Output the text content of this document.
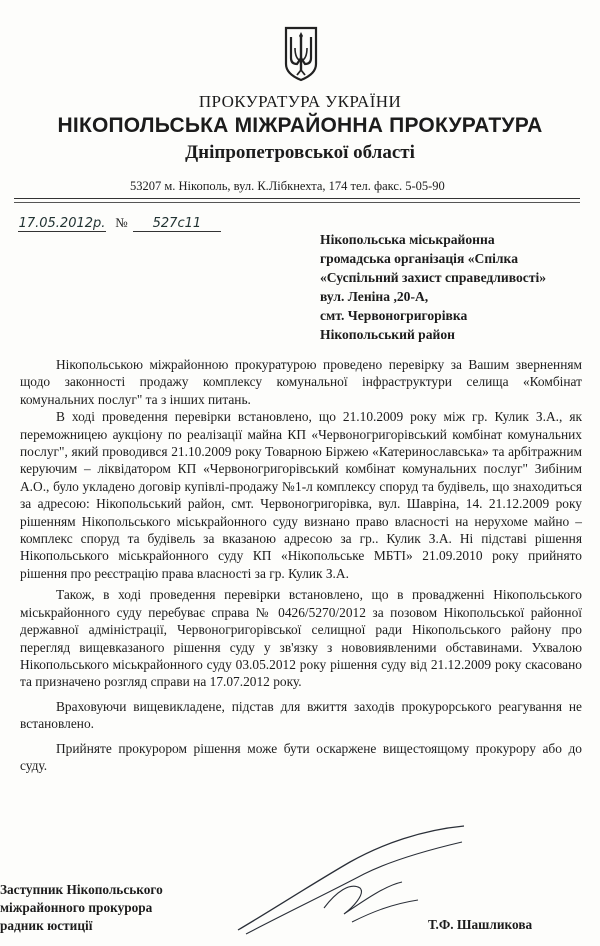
ПРОКУРАТУРА УКРАЇНИ
НІКОПОЛЬСЬКА МІЖРАЙОННА ПРОКУРАТУРА
Дніпропетровської області
53207 м. Нікополь, вул. К.Лібкнехта, 174 тел. факс. 5-05-90
17.05.2012р. № 527с11
Нікопольська міськрайонна
громадська організація «Спілка
«Суспільний захист справедливості»
вул. Леніна ,20-А,
смт. Червоногригорівка
Нікопольський район

Нікопольською міжрайонною прокуратурою проведено перевірку за Вашим зверненням щодо законності продажу комплексу комунальної інфраструктури селища «Комбінат комунальних послуг" та з інших питань.

В ході проведення перевірки встановлено, що 21.10.2009 року між гр. Кулик З.А., як переможницею аукціону по реалізації майна КП «Червоногригорівський комбінат комунальних послуг", який проводився 21.10.2009 року Товарною Біржею «Катеринославська» та арбітражним керуючим – ліквідатором КП «Червоногригорівський комбінат комунальних послуг" Зибіним А.О., було укладено договір купівлі-продажу №1-л комплексу споруд та будівель, що знаходиться за адресою: Нікопольський район, смт. Червоногригорівка, вул. Шавріна, 14. 21.12.2009 року рішенням Нікопольського міськрайонного суду визнано право власності на нерухоме майно – комплекс споруд та будівель за вказаною адресою за гр.. Кулик З.А. Ні підставі рішення Нікопольського міськрайонного суду КП «Нікопольське МБТІ» 21.09.2010 року прийнято рішення про реєстрацію права власності за гр. Кулик З.А.

Також, в ході проведення перевірки встановлено, що в провадженні Нікопольського міськрайонного суду перебуває справа № 0426/5270/2012 за позовом Нікопольської районної державної адміністрації, Червоногригорівської селищної ради Нікопольського району про перегляд вищевказаного рішення суду у зв'язку з нововиявленими обставинами. Ухвалою Нікопольського міськрайонного суду 03.05.2012 року рішення суду від 21.12.2009 року скасовано та призначено розгляд справи на 17.07.2012 року.

Враховуючи вищевикладене, підстав для вжиття заходів прокурорського реагування не встановлено.

Прийняте прокурором рішення може бути оскаржене вищестоящому прокурору або до суду.

Заступник Нікопольського
міжрайонного прокурора
радник юстиції	Т.Ф. Шашликова
